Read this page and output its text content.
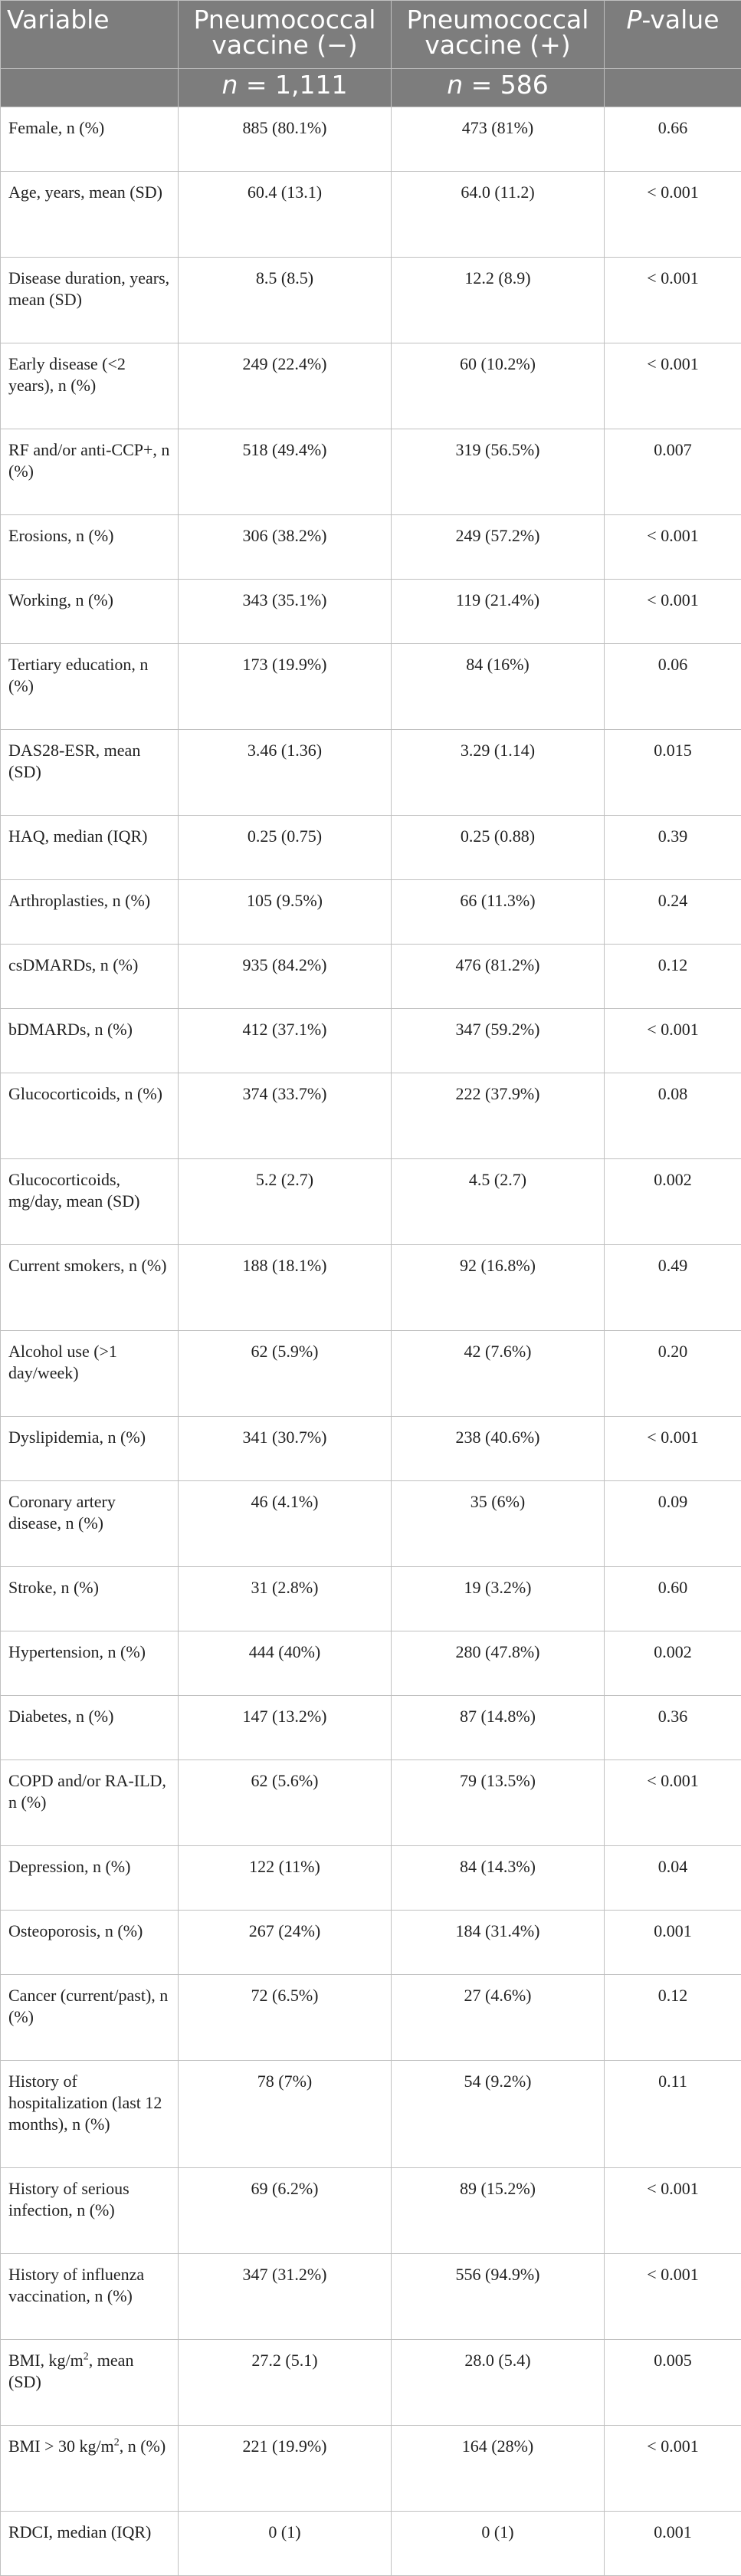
Variable	Pneumococcal vaccine (−)	Pneumococcal vaccine (+)	P-value
	n = 1,111	n = 586	
Female, n (%)	885 (80.1%)	473 (81%)	0.66
Age, years, mean (SD)	60.4 (13.1)	64.0 (11.2)	< 0.001
Disease duration, years, mean (SD)	8.5 (8.5)	12.2 (8.9)	< 0.001
Early disease (<2 years), n (%)	249 (22.4%)	60 (10.2%)	< 0.001
RF and/or anti-CCP+, n (%)	518 (49.4%)	319 (56.5%)	0.007
Erosions, n (%)	306 (38.2%)	249 (57.2%)	< 0.001
Working, n (%)	343 (35.1%)	119 (21.4%)	< 0.001
Tertiary education, n (%)	173 (19.9%)	84 (16%)	0.06
DAS28-ESR, mean (SD)	3.46 (1.36)	3.29 (1.14)	0.015
HAQ, median (IQR)	0.25 (0.75)	0.25 (0.88)	0.39
Arthroplasties, n (%)	105 (9.5%)	66 (11.3%)	0.24
csDMARDs, n (%)	935 (84.2%)	476 (81.2%)	0.12
bDMARDs, n (%)	412 (37.1%)	347 (59.2%)	< 0.001
Glucocorticoids, n (%)	374 (33.7%)	222 (37.9%)	0.08
Glucocorticoids, mg/day, mean (SD)	5.2 (2.7)	4.5 (2.7)	0.002
Current smokers, n (%)	188 (18.1%)	92 (16.8%)	0.49
Alcohol use (>1 day/week)	62 (5.9%)	42 (7.6%)	0.20
Dyslipidemia, n (%)	341 (30.7%)	238 (40.6%)	< 0.001
Coronary artery disease, n (%)	46 (4.1%)	35 (6%)	0.09
Stroke, n (%)	31 (2.8%)	19 (3.2%)	0.60
Hypertension, n (%)	444 (40%)	280 (47.8%)	0.002
Diabetes, n (%)	147 (13.2%)	87 (14.8%)	0.36
COPD and/or RA-ILD, n (%)	62 (5.6%)	79 (13.5%)	< 0.001
Depression, n (%)	122 (11%)	84 (14.3%)	0.04
Osteoporosis, n (%)	267 (24%)	184 (31.4%)	0.001
Cancer (current/past), n (%)	72 (6.5%)	27 (4.6%)	0.12
History of hospitalization (last 12 months), n (%)	78 (7%)	54 (9.2%)	0.11
History of serious infection, n (%)	69 (6.2%)	89 (15.2%)	< 0.001
History of influenza vaccination, n (%)	347 (31.2%)	556 (94.9%)	< 0.001
BMI, $kg/m^2$, mean (SD)	27.2 (5.1)	28.0 (5.4)	0.005
BMI > 30 $kg/m^2$, n (%)	221 (19.9%)	164 (28%)	< 0.001
RDCI, median (IQR)	0 (1)	0 (1)	0.001
